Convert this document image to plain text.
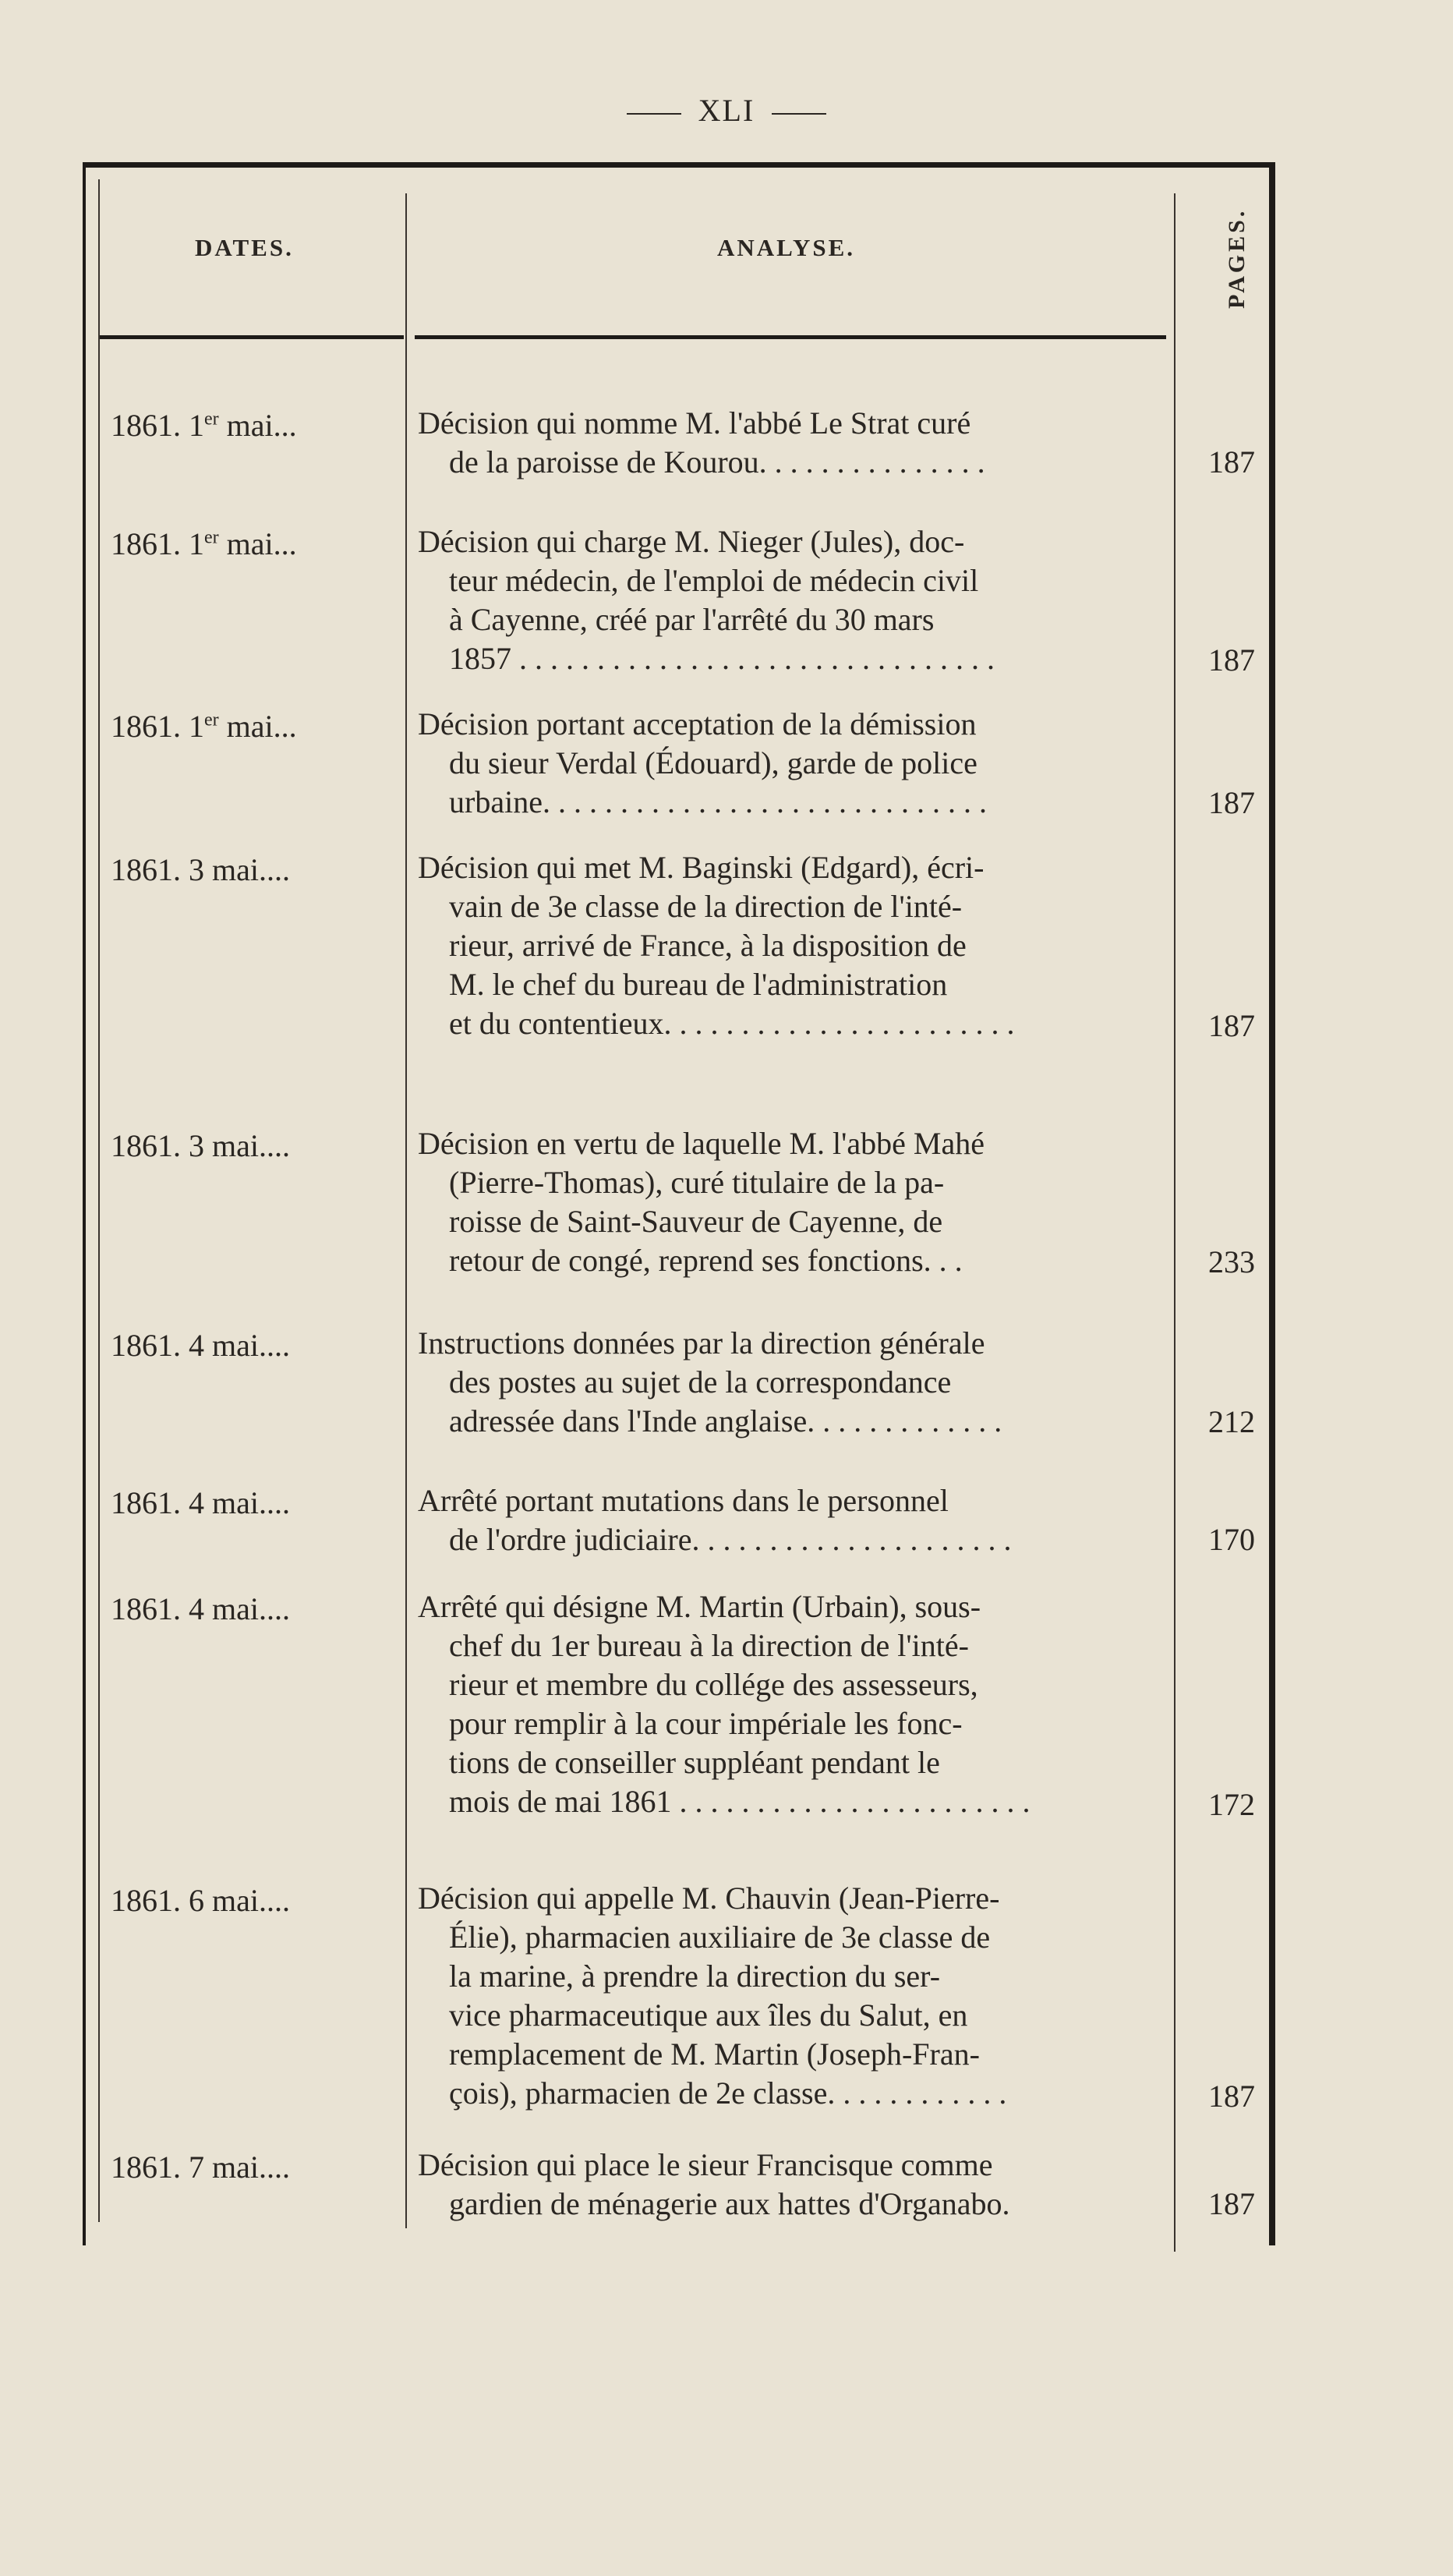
XLI
DATES.	ANALYSE.	PAGES.
1861. 1er mai...	Décision qui nomme M. l'abbé Le Strat curé
de la paroisse de Kourou. . . . . . . . . . . . . . .	187
1861. 1er mai...	Décision qui charge M. Nieger (Jules), doc-
teur médecin, de l'emploi de médecin civil
à Cayenne, créé par l'arrêté du 30 mars
1857 . . . . . . . . . . . . . . . . . . . . . . . . . . . . . . .	187
1861. 1er mai...	Décision portant acceptation de la démission
du sieur Verdal (Édouard), garde de police
urbaine. . . . . . . . . . . . . . . . . . . . . . . . . . . . .	187
1861. 3 mai....	Décision qui met M. Baginski (Edgard), écri-
vain de 3e classe de la direction de l'inté-
rieur, arrivé de France, à la disposition de
M. le chef du bureau de l'administration
et du contentieux. . . . . . . . . . . . . . . . . . . . . . .	187
1861. 3 mai....	Décision en vertu de laquelle M. l'abbé Mahé
(Pierre-Thomas), curé titulaire de la pa-
roisse de Saint-Sauveur de Cayenne, de
retour de congé, reprend ses fonctions. . .	233
1861. 4 mai....	Instructions données par la direction générale
des postes au sujet de la correspondance
adressée dans l'Inde anglaise. . . . . . . . . . . . .	212
1861. 4 mai....	Arrêté portant mutations dans le personnel
de l'ordre judiciaire. . . . . . . . . . . . . . . . . . . . .	170
1861. 4 mai....	Arrêté qui désigne M. Martin (Urbain), sous-
chef du 1er bureau à la direction de l'inté-
rieur et membre du collége des assesseurs,
pour remplir à la cour impériale les fonc-
tions de conseiller suppléant pendant le
mois de mai 1861 . . . . . . . . . . . . . . . . . . . . . . .	172
1861. 6 mai....	Décision qui appelle M. Chauvin (Jean-Pierre-
Élie), pharmacien auxiliaire de 3e classe de
la marine, à prendre la direction du ser-
vice pharmaceutique aux îles du Salut, en
remplacement de M. Martin (Joseph-Fran-
çois), pharmacien de 2e classe. . . . . . . . . . . .	187
1861. 7 mai....	Décision qui place le sieur Francisque comme
gardien de ménagerie aux hattes d'Organabo.	187
